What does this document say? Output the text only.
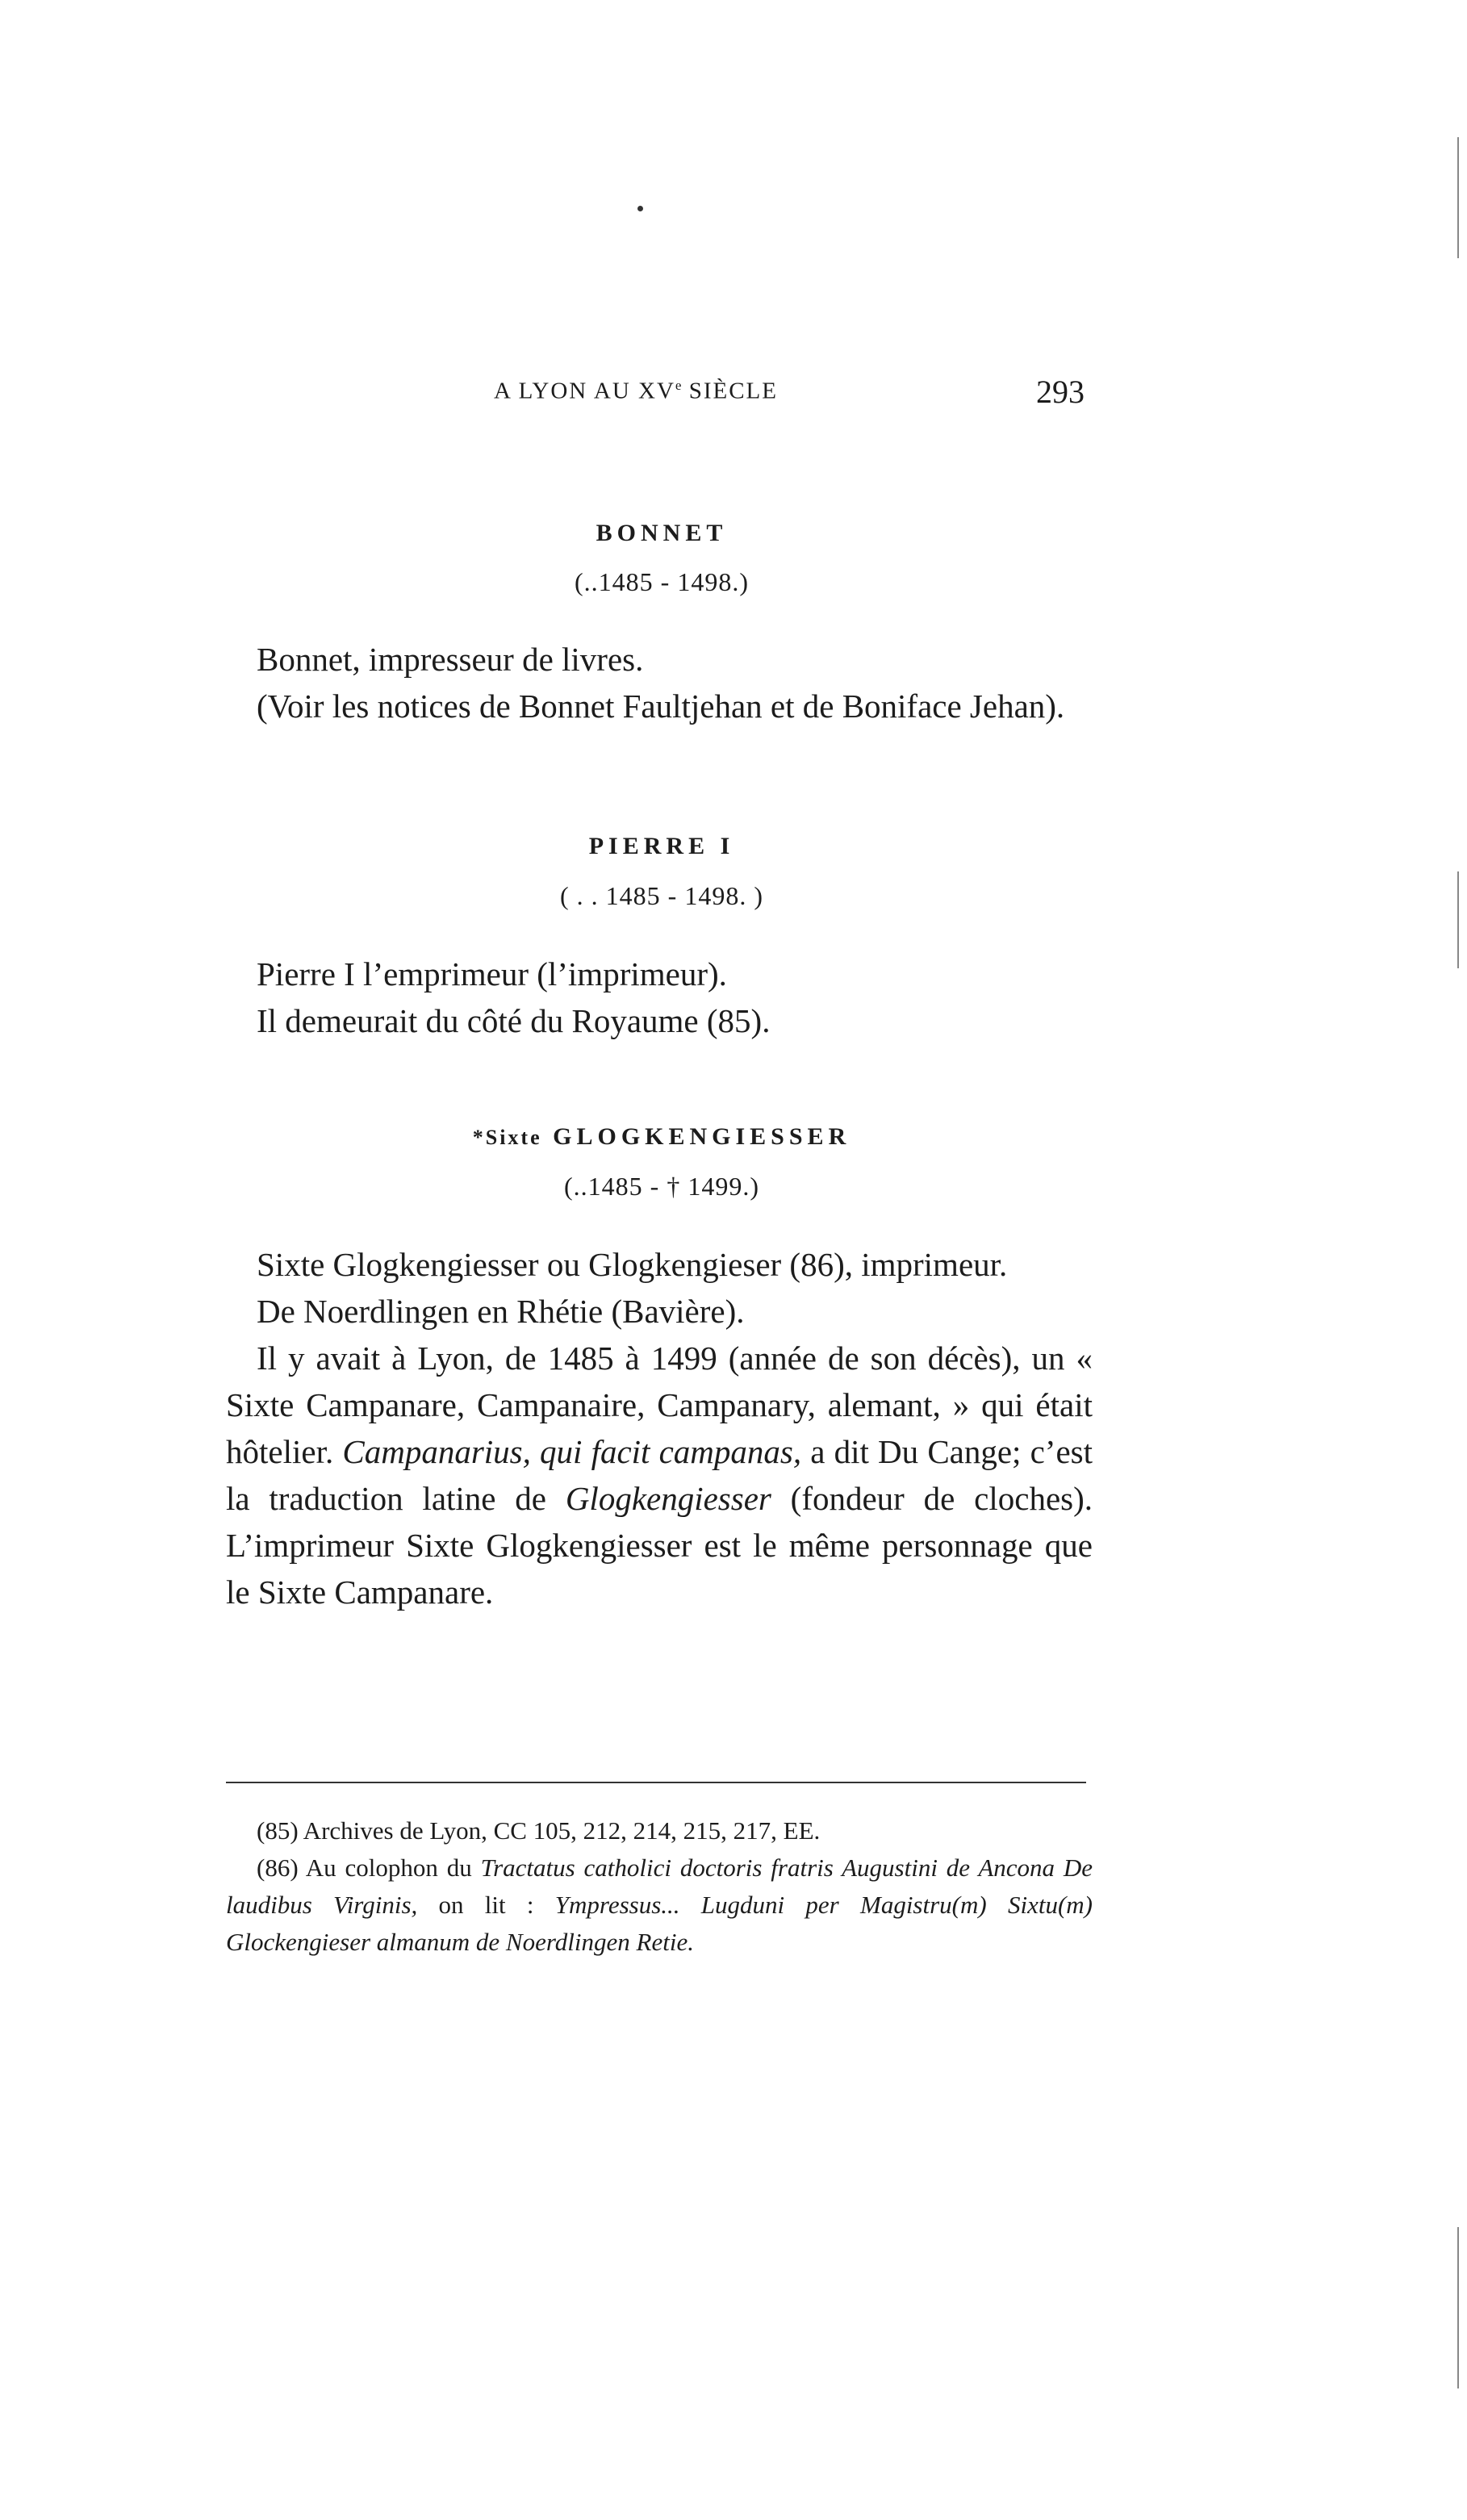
A LYON AU XVe SIÈCLE	293
BONNET
(..1485 - 1498.)

Bonnet, impresseur de livres.

(Voir les notices de Bonnet Faultjehan et de Boniface Jehan).

PIERRE I
( . . 1485 - 1498. )

Pierre I l’emprimeur (l’imprimeur).

Il demeurait du côté du Royaume (85).

*Sixte GLOGKENGIESSER
(..1485 - † 1499.)

Sixte Glogkengiesser ou Glogkengieser (86), imprimeur.

De Noerdlingen en Rhétie (Bavière).

Il y avait à Lyon, de 1485 à 1499 (année de son décès), un « Sixte Campanare, Campanaire, Campanary, alemant, » qui était hôtelier. Campanarius, qui facit campanas, a dit Du Cange; c’est la traduction latine de Glogkengiesser (fondeur de cloches). L’imprimeur Sixte Glogkengiesser est le même personnage que le Sixte Campanare.

(85) Archives de Lyon, CC 105, 212, 214, 215, 217, EE.

(86) Au colophon du Tractatus catholici doctoris fratris Augustini de Ancona De laudibus Virginis, on lit : Ympressus... Lugduni per Magistru(m) Sixtu(m) Glockengieser almanum de Noerdlingen Retie.
